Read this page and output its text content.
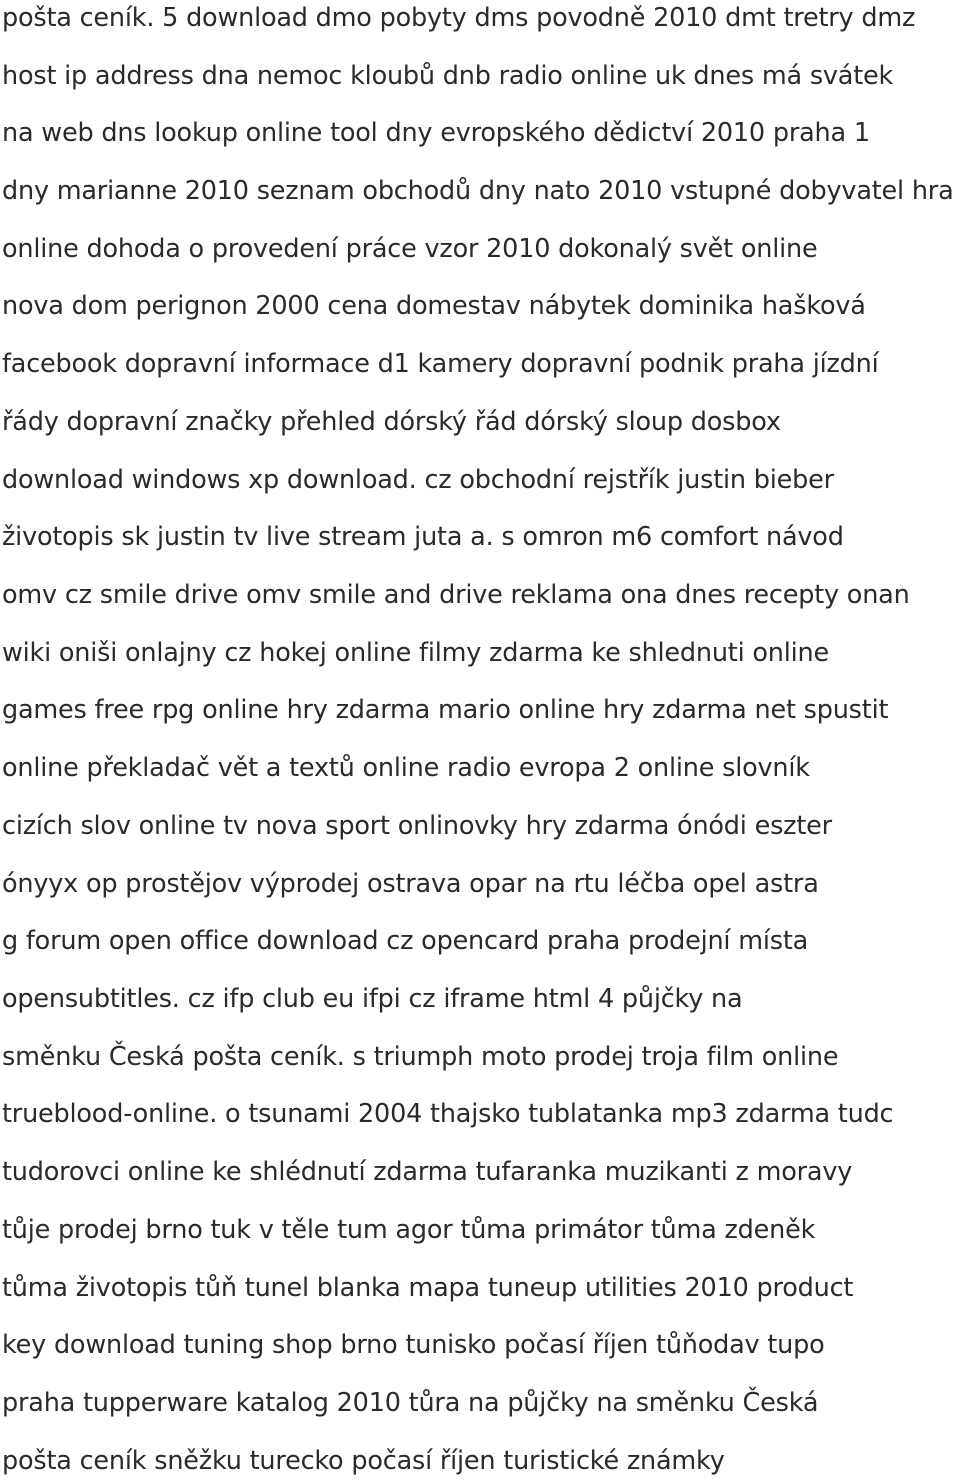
pošta ceník. 5 download dmo pobyty dms povodně 2010 dmt tretry dmz

host ip address dna nemoc kloubů dnb radio online uk dnes má svátek

na web dns lookup online tool dny evropského dědictví 2010 praha 1

dny marianne 2010 seznam obchodů dny nato 2010 vstupné dobyvatel hra

online dohoda o provedení práce vzor 2010 dokonalý svět online

nova dom perignon 2000 cena domestav nábytek dominika hašková

facebook dopravní informace d1 kamery dopravní podnik praha jízdní

řády dopravní značky přehled dórský řád dórský sloup dosbox

download windows xp download. cz obchodní rejstřík justin bieber

životopis sk justin tv live stream juta a. s omron m6 comfort návod

omv cz smile drive omv smile and drive reklama ona dnes recepty onan

wiki oniši onlajny cz hokej online filmy zdarma ke shlednuti online

games free rpg online hry zdarma mario online hry zdarma net spustit

online překladač vět a textů online radio evropa 2 online slovník

cizích slov online tv nova sport onlinovky hry zdarma ónódi eszter

ónyyx op prostějov výprodej ostrava opar na rtu léčba opel astra

g forum open office download cz opencard praha prodejní místa

opensubtitles. cz ifp club eu ifpi cz iframe html 4 půjčky na

směnku Česká pošta ceník. s triumph moto prodej troja film online

trueblood-online. o tsunami 2004 thajsko tublatanka mp3 zdarma tudc

tudorovci online ke shlédnutí zdarma tufaranka muzikanti z moravy

tůje prodej brno tuk v těle tum agor tůma primátor tůma zdeněk

tůma životopis tůň tunel blanka mapa tuneup utilities 2010 product

key download tuning shop brno tunisko počasí říjen tůňodav tupo

praha tupperware katalog 2010 tůra na půjčky na směnku Česká

pošta ceník sněžku turecko počasí říjen turistické známky
